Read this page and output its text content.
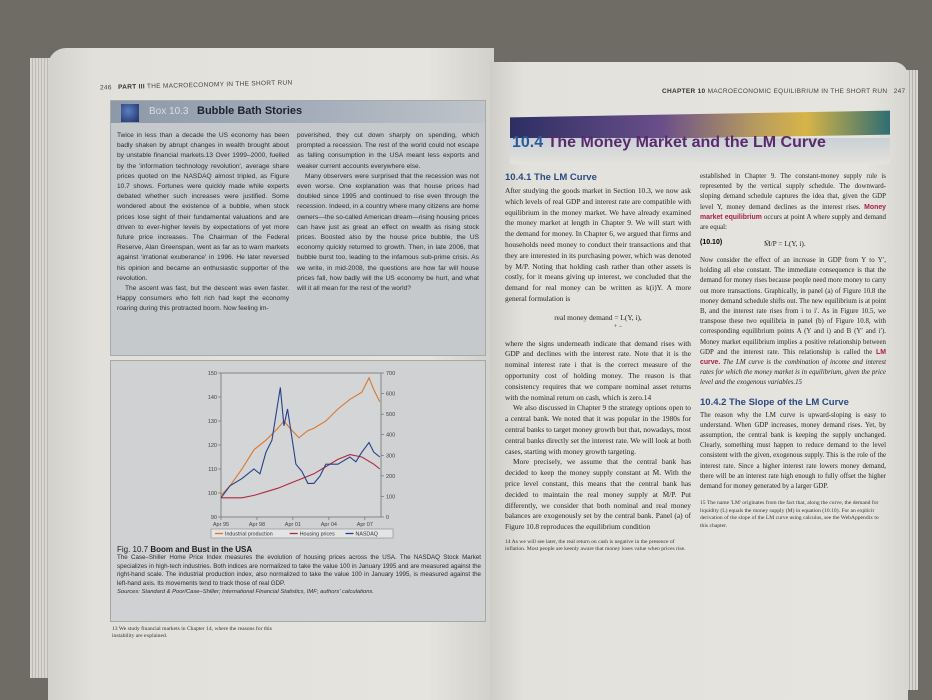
246 PART III THE MACROECONOMY IN THE SHORT RUN
Box 10.3 Bubble Bath Stories

Twice in less than a decade the US economy has been badly shaken by abrupt changes in wealth brought about by unstable financial markets.13 Over 1999–2000, fuelled by the 'information technology revolution', average share prices quoted on the NASDAQ almost tripled, as Figure 10.7 shows. Fortunes were quickly made while experts debated whether such increases were justified. Some wondered about the existence of a bubble, when stock prices lose sight of their fundamental valuations and are driven to ever-higher levels by expectations of yet more future price increases. The Chairman of the Federal Reserve, Alan Greenspan, went as far as to warn markets against 'irrational exuberance' in 1996. He later reversed his opinion and became an enthusiastic supporter of the revolution.

The ascent was fast, but the descent was even faster. Happy consumers who felt rich had kept the economy roaring during this protracted boom. Now feeling im-

poverished, they cut down sharply on spending, which prompted a recession. The rest of the world could not escape as falling consumption in the USA meant less exports and weaker current accounts everywhere else.

Many observers were surprised that the recession was not even worse. One explanation was that house prices had doubled since 1995 and continued to rise even through the recession. Indeed, in a country where many citizens are home owners—the so-called American dream—rising housing prices can have just as great an effect on wealth as rising stock prices. Boosted also by the house price bubble, the US economy quickly returned to growth. Then, in late 2006, that bubble burst too, leading to the infamous sub-prime crisis. As we write, in mid-2008, the questions are how far will house prices fall, how badly will the US economy be hurt, and what will it all mean for the rest of the world?

90
100
110
120
130
140
150
0
100
200
300
400
500
600
700
Apr 95	Apr 98	Apr 01	Apr 04	Apr 07
Industrial production	Housing prices	NASDAQ
Fig. 10.7 Boom and Bust in the USA

The Case–Shiller Home Price Index measures the evolution of housing prices across the USA. The NASDAQ Stock Market specializes in high-tech industries. Both indices are normalized to take the value 100 in January 1995 and are measured against the right-hand scale. The industrial production index, also normalized to take the value 100 in January 1995, is measured against the left-hand axis. Its movements tend to track those of real GDP.

Sources: Standard & Poor/Case–Shiller; International Financial Statistics, IMF; authors' calculations.

13 We study financial markets in Chapter 14, where the reasons for this instability are explained.

CHAPTER 10 MACROECONOMIC EQUILIBRIUM IN THE SHORT RUN 247
10.4 The Money Market and the LM Curve
10.4.1 The LM Curve

After studying the goods market in Section 10.3, we now ask which levels of real GDP and interest rate are compatible with equilibrium in the money market. We have already examined the money market at length in Chapter 9. We will start with the demand for money. In Chapter 6, we argued that firms and households need money to conduct their transactions and that they are interested in its purchasing power, which was denoted by M/P. Noting that holding cash rather than other assets is costly, for it means giving up interest, we concluded that the demand for real money can be written as k(i)Y. A more general formulation is

real money demand = L(Y, i),
+ −

where the signs underneath indicate that demand rises with GDP and declines with the interest rate. Note that it is the nominal interest rate i that is the correct measure of the opportunity cost of holding money. The reason is that consistency requires that we compare nominal asset returns with the nominal return on cash, which is zero.14

We also discussed in Chapter 9 the strategy options open to a central bank. We noted that it was popular in the 1980s for central banks to target money growth but that, nowadays, most central banks directly set the interest rate. We will look at both cases, starting with money growth targeting.

More precisely, we assume that the central bank has decided to keep the money supply constant at M̄. With the price level constant, this means that the central bank has decided to maintain the real money supply at M̄/P. Put differently, we consider that both nominal and real money balances are exogenously set by the central bank. Panel (a) of Figure 10.8 reproduces the equilibrium condition

14 As we will see later, the real return on cash is negative in the presence of inflation. Most people are keenly aware that money loses value when prices rise.

established in Chapter 9. The constant-money supply rule is represented by the vertical supply schedule. The downward-sloping demand schedule captures the idea that, given the GDP level Y, money demand declines as the interest rises. Money market equilibrium occurs at point A where supply and demand are equal:

(10.10)	M̄/P = L(Y, i).

Now consider the effect of an increase in GDP from Y to Y′, holding all else constant. The immediate consequence is that the demand for money rises because people need more money to carry out more transactions. Graphically, in panel (a) of Figure 10.8 the money demand schedule shifts out. The new equilibrium is at point B, and the interest rate rises from i to i′. As in Figure 10.5, we transpose these two equilibria in panel (b) of Figure 10.8, with corresponding equilibrium points A (Y and i) and B (Y′ and i′). Money market equilibrium implies a positive relationship between GDP and the interest rate. This relationship is called the LM curve. The LM curve is the combination of income and interest rates for which the money market is in equilibrium, given the price level and the exogenous variables.15

10.4.2 The Slope of the LM Curve

The reason why the LM curve is upward-sloping is easy to understand. When GDP increases, money demand rises. Yet, by assumption, the central bank is keeping the supply unchanged. Clearly, something must happen to reduce demand to the level consistent with the given, exogenous supply. This is the role of the interest rate. Since a higher interest rate lowers money demand, there will be an interest rate high enough to fully offset the higher demand for money generated by a larger GDP.

15 The name 'LM' originates from the fact that, along the curve, the demand for liquidity (L) equals the money supply (M) in equation (10.10). For an explicit derivation of the slope of the LM curve using calculus, see the WebAppendix to this chapter.
